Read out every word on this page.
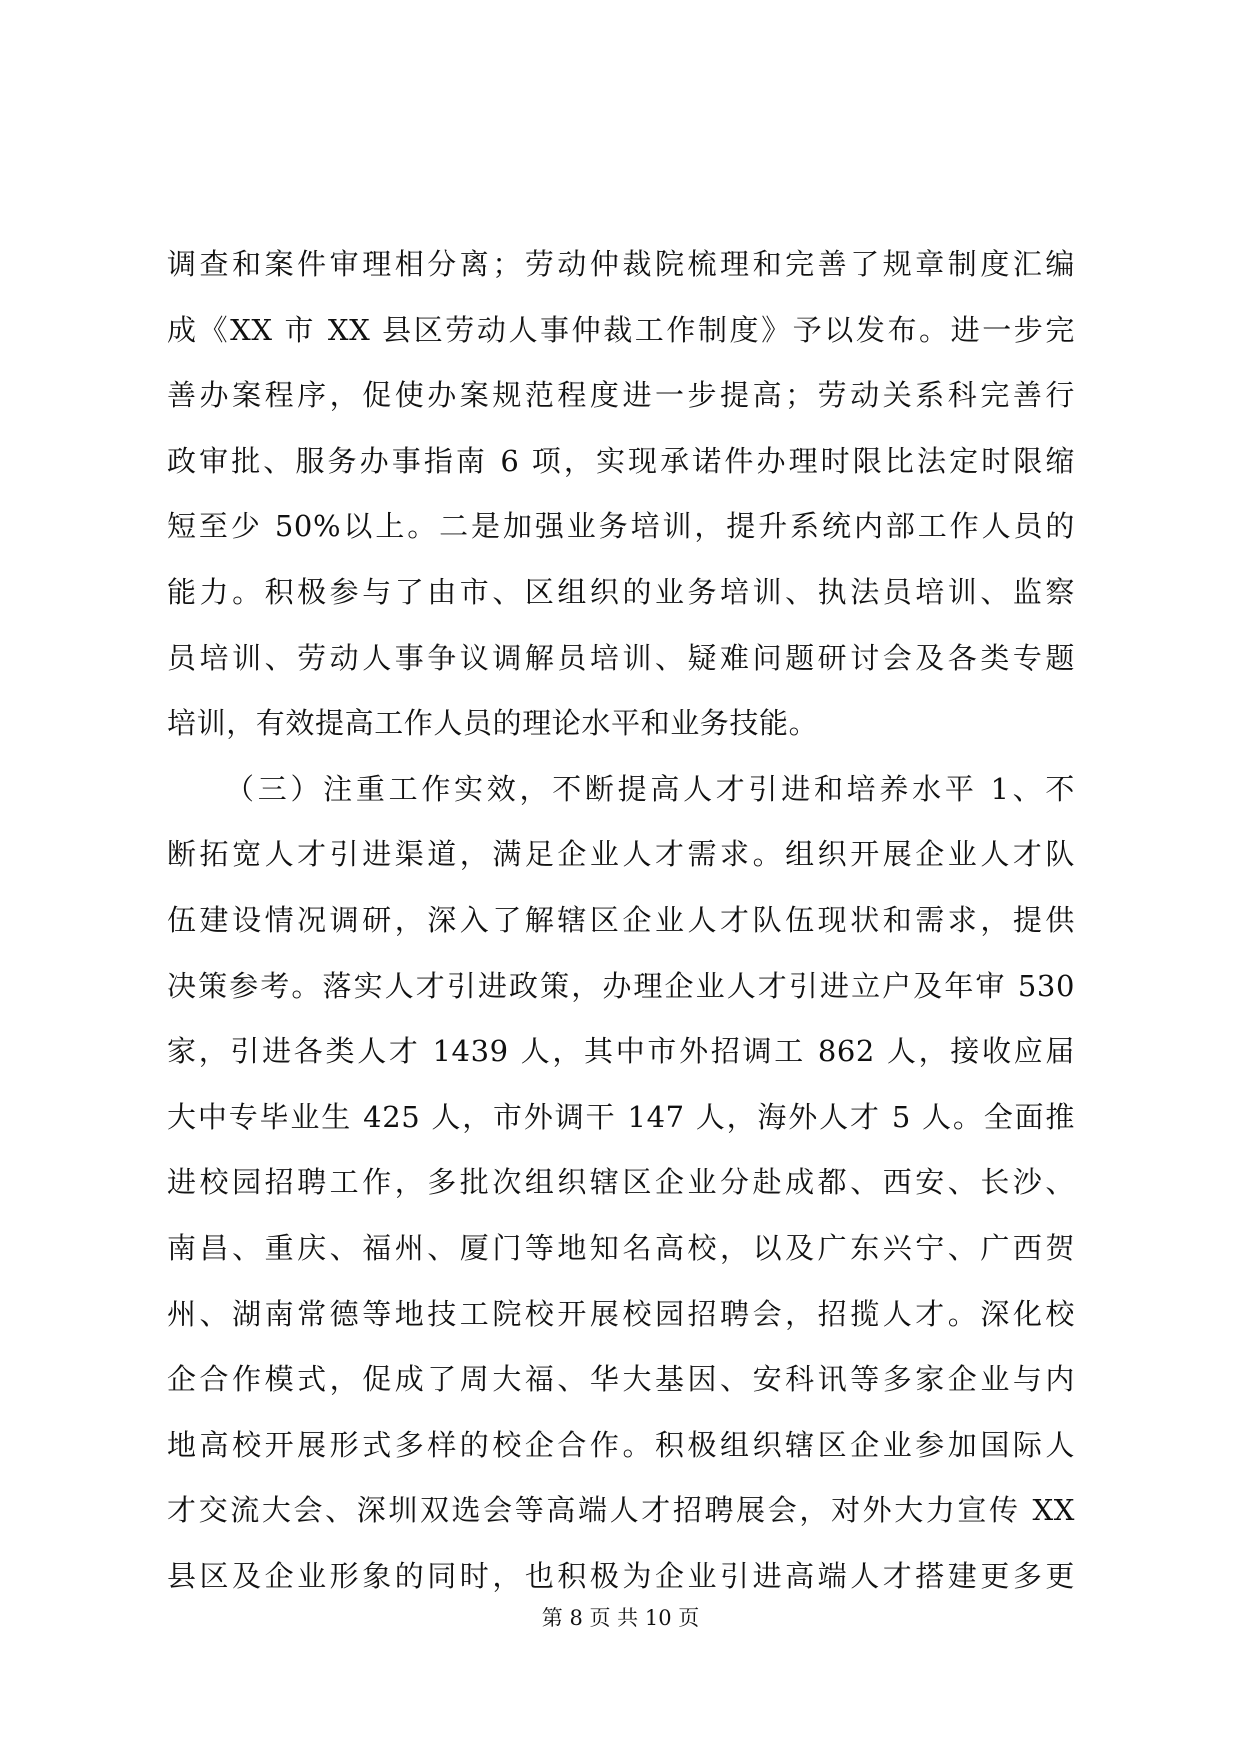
调查和案件审理相分离；劳动仲裁院梳理和完善了规章制度汇编
成《XX 市 XX 县区劳动人事仲裁工作制度》予以发布。进一步完
善办案程序，促使办案规范程度进一步提高；劳动关系科完善行
政审批、服务办事指南 6 项，实现承诺件办理时限比法定时限缩
短至少 50%以上。二是加强业务培训，提升系统内部工作人员的
能力。积极参与了由市、区组织的业务培训、执法员培训、监察
员培训、劳动人事争议调解员培训、疑难问题研讨会及各类专题
培训，有效提高工作人员的理论水平和业务技能。
（三）注重工作实效，不断提高人才引进和培养水平 1、不
断拓宽人才引进渠道，满足企业人才需求。组织开展企业人才队
伍建设情况调研，深入了解辖区企业人才队伍现状和需求，提供
决策参考。落实人才引进政策，办理企业人才引进立户及年审 530
家，引进各类人才 1439 人，其中市外招调工 862 人，接收应届
大中专毕业生 425 人，市外调干 147 人，海外人才 5 人。全面推
进校园招聘工作，多批次组织辖区企业分赴成都、西安、长沙、
南昌、重庆、福州、厦门等地知名高校，以及广东兴宁、广西贺
州、湖南常德等地技工院校开展校园招聘会，招揽人才。深化校
企合作模式，促成了周大福、华大基因、安科讯等多家企业与内
地高校开展形式多样的校企合作。积极组织辖区企业参加国际人
才交流大会、深圳双选会等高端人才招聘展会，对外大力宣传 XX
县区及企业形象的同时，也积极为企业引进高端人才搭建更多更
第 8 页 共 10 页
